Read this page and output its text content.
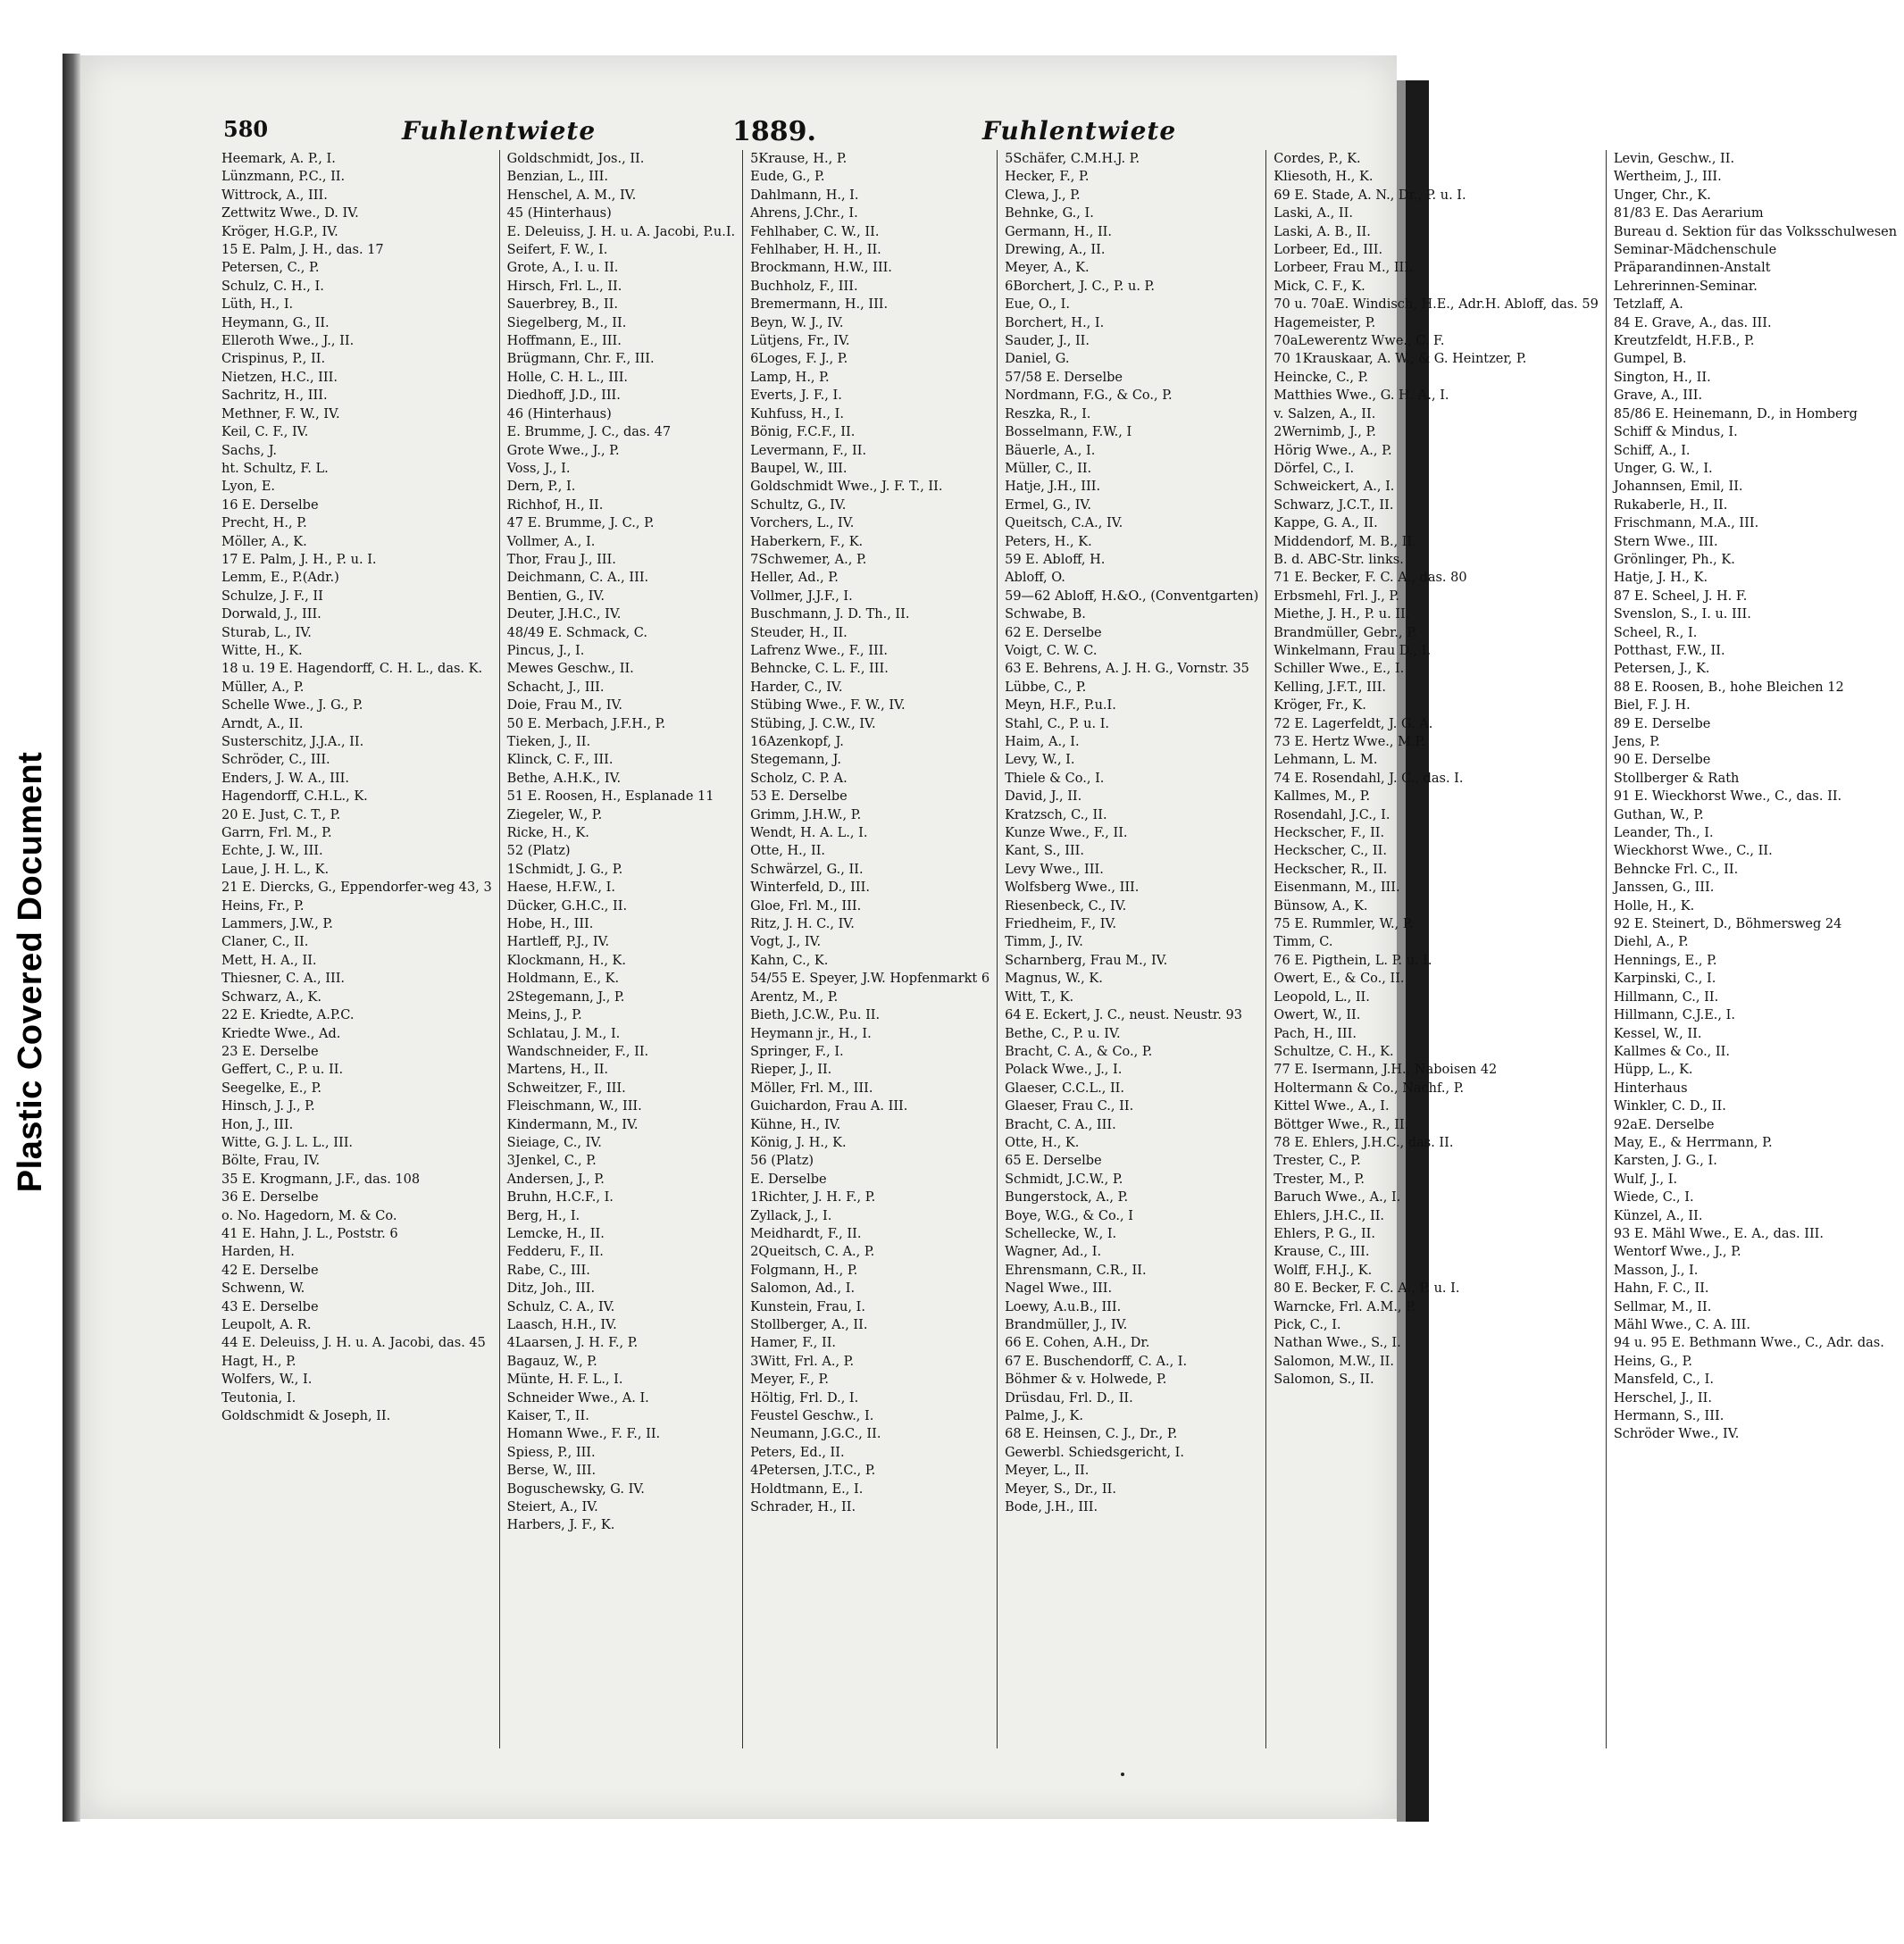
Plastic Covered Document
580	Fuhlentwiete	1889.	Fuhlentwiete
Heemark, A. P., I.
Lünzmann, P.C., II.
Wittrock, A., III.
Zettwitz Wwe., D. IV.
Kröger, H.G.P., IV.
15 E. Palm, J. H., das. 17
Petersen, C., P.
Schulz, C. H., I.
Lüth, H., I.
Heymann, G., II.
Elleroth Wwe., J., II.
Crispinus, P., II.
Nietzen, H.C., III.
Sachritz, H., III.
Methner, F. W., IV.
Keil, C. F., IV.
Sachs, J.
ht. Schultz, F. L.
Lyon, E.
16 E. Derselbe
Precht, H., P.
Möller, A., K.
17 E. Palm, J. H., P. u. I.
Lemm, E., P.(Adr.)
Schulze, J. F., II
Dorwald, J., III.
Sturab, L., IV.
Witte, H., K.
18 u. 19 E. Hagendorff, C. H. L., das. K.
Müller, A., P.
Schelle Wwe., J. G., P.
Arndt, A., II.
Susterschitz, J.J.A., II.
Schröder, C., III.
Enders, J. W. A., III.
Hagendorff, C.H.L., K.
20 E. Just, C. T., P.
Garrn, Frl. M., P.
Echte, J. W., III.
Laue, J. H. L., K.
21 E. Diercks, G., Eppendorfer-weg 43, 3
Heins, Fr., P.
Lammers, J.W., P.
Claner, C., II.
Mett, H. A., II.
Thiesner, C. A., III.
Schwarz, A., K.
22 E. Kriedte, A.P.C.
Kriedte Wwe., Ad.
23 E. Derselbe
Geffert, C., P. u. II.
Seegelke, E., P.
Hinsch, J. J., P.
Hon, J., III.
Witte, G. J. L. L., III.
Bölte, Frau, IV.
35 E. Krogmann, J.F., das. 108
36 E. Derselbe
o. No. Hagedorn, M. & Co.
41 E. Hahn, J. L., Poststr. 6
Harden, H.
42 E. Derselbe
Schwenn, W.
43 E. Derselbe
Leupolt, A. R.
44 E. Deleuiss, J. H. u. A. Jacobi, das. 45
Hagt, H., P.
Wolfers, W., I.
Teutonia, I.
Goldschmidt & Joseph, II.
Goldschmidt, Jos., II.
Benzian, L., III.
Henschel, A. M., IV.
45 (Hinterhaus)
E. Deleuiss, J. H. u. A. Jacobi, P.u.I.
Seifert, F. W., I.
Grote, A., I. u. II.
Hirsch, Frl. L., II.
Sauerbrey, B., II.
Siegelberg, M., II.
Hoffmann, E., III.
Brügmann, Chr. F., III.
Holle, C. H. L., III.
Diedhoff, J.D., III.
46 (Hinterhaus)
E. Brumme, J. C., das. 47
Grote Wwe., J., P.
Voss, J., I.
Dern, P., I.
Richhof, H., II.
47 E. Brumme, J. C., P.
Vollmer, A., I.
Thor, Frau J., III.
Deichmann, C. A., III.
Bentien, G., IV.
Deuter, J.H.C., IV.
48/49 E. Schmack, C.
Pincus, J., I.
Mewes Geschw., II.
Schacht, J., III.
Doie, Frau M., IV.
50 E. Merbach, J.F.H., P.
Tieken, J., II.
Klinck, C. F., III.
Bethe, A.H.K., IV.
51 E. Roosen, H., Esplanade 11
Ziegeler, W., P.
Ricke, H., K.
52 (Platz)
1Schmidt, J. G., P.
Haese, H.F.W., I.
Dücker, G.H.C., II.
Hobe, H., III.
Hartleff, P.J., IV.
Klockmann, H., K.
Holdmann, E., K.
2Stegemann, J., P.
Meins, J., P.
Schlatau, J. M., I.
Wandschneider, F., II.
Martens, H., II.
Schweitzer, F., III.
Fleischmann, W., III.
Kindermann, M., IV.
Sieiage, C., IV.
3Jenkel, C., P.
Andersen, J., P.
Bruhn, H.C.F., I.
Berg, H., I.
Lemcke, H., II.
Fedderu, F., II.
Rabe, C., III.
Ditz, Joh., III.
Schulz, C. A., IV.
Laasch, H.H., IV.
4Laarsen, J. H. F., P.
Bagauz, W., P.
Münte, H. F. L., I.
Schneider Wwe., A. I.
Kaiser, T., II.
Homann Wwe., F. F., II.
Spiess, P., III.
Berse, W., III.
Boguschewsky, G. IV.
Steiert, A., IV.
Harbers, J. F., K.
5Krause, H., P.
Eude, G., P.
Dahlmann, H., I.
Ahrens, J.Chr., I.
Fehlhaber, C. W., II.
Fehlhaber, H. H., II.
Brockmann, H.W., III.
Buchholz, F., III.
Bremermann, H., III.
Beyn, W. J., IV.
Lütjens, Fr., IV.
6Loges, F. J., P.
Lamp, H., P.
Everts, J. F., I.
Kuhfuss, H., I.
Bönig, F.C.F., II.
Levermann, F., II.
Baupel, W., III.
Goldschmidt Wwe., J. F. T., II.
Schultz, G., IV.
Vorchers, L., IV.
Haberkern, F., K.
7Schwemer, A., P.
Heller, Ad., P.
Vollmer, J.J.F., I.
Buschmann, J. D. Th., II.
Steuder, H., II.
Lafrenz Wwe., F., III.
Behncke, C. L. F., III.
Harder, C., IV.
Stübing Wwe., F. W., IV.
Stübing, J. C.W., IV.
16Azenkopf, J.
Stegemann, J.
Scholz, C. P. A.
53 E. Derselbe
Grimm, J.H.W., P.
Wendt, H. A. L., I.
Otte, H., II.
Schwärzel, G., II.
Winterfeld, D., III.
Gloe, Frl. M., III.
Ritz, J. H. C., IV.
Vogt, J., IV.
Kahn, C., K.
54/55 E. Speyer, J.W. Hopfenmarkt 6
Arentz, M., P.
Bieth, J.C.W., P.u. II.
Heymann jr., H., I.
Springer, F., I.
Rieper, J., II.
Möller, Frl. M., III.
Guichardon, Frau A. III.
Kühne, H., IV.
König, J. H., K.
56 (Platz)
E. Derselbe
1Richter, J. H. F., P.
Zyllack, J., I.
Meidhardt, F., II.
2Queitsch, C. A., P.
Folgmann, H., P.
Salomon, Ad., I.
Kunstein, Frau, I.
Stollberger, A., II.
Hamer, F., II.
3Witt, Frl. A., P.
Meyer, F., P.
Höltig, Frl. D., I.
Feustel Geschw., I.
Neumann, J.G.C., II.
Peters, Ed., II.
4Petersen, J.T.C., P.
Holdtmann, E., I.
Schrader, H., II.
5Schäfer, C.M.H.J. P.
Hecker, F., P.
Clewa, J., P.
Behnke, G., I.
Germann, H., II.
Drewing, A., II.
Meyer, A., K.
6Borchert, J. C., P. u. P.
Eue, O., I.
Borchert, H., I.
Sauder, J., II.
Daniel, G.
57/58 E. Derselbe
Nordmann, F.G., & Co., P.
Reszka, R., I.
Bosselmann, F.W., I
Bäuerle, A., I.
Müller, C., II.
Hatje, J.H., III.
Ermel, G., IV.
Queitsch, C.A., IV.
Peters, H., K.
59 E. Abloff, H.
Abloff, O.
59—62 Abloff, H.&O., (Conventgarten)
Schwabe, B.
62 E. Derselbe
Voigt, C. W. C.
63 E. Behrens, A. J. H. G., Vornstr. 35
Lübbe, C., P.
Meyn, H.F., P.u.I.
Stahl, C., P. u. I.
Haim, A., I.
Levy, W., I.
Thiele & Co., I.
David, J., II.
Kratzsch, C., II.
Kunze Wwe., F., II.
Kant, S., III.
Levy Wwe., III.
Wolfsberg Wwe., III.
Riesenbeck, C., IV.
Friedheim, F., IV.
Timm, J., IV.
Scharnberg, Frau M., IV.
Magnus, W., K.
Witt, T., K.
64 E. Eckert, J. C., neust. Neustr. 93
Bethe, C., P. u. IV.
Bracht, C. A., & Co., P.
Polack Wwe., J., I.
Glaeser, C.C.L., II.
Glaeser, Frau C., II.
Bracht, C. A., III.
Otte, H., K.
65 E. Derselbe
Schmidt, J.C.W., P.
Bungerstock, A., P.
Boye, W.G., & Co., I
Schellecke, W., I.
Wagner, Ad., I.
Ehrensmann, C.R., II.
Nagel Wwe., III.
Loewy, A.u.B., III.
Brandmüller, J., IV.
66 E. Cohen, A.H., Dr.
67 E. Buschendorff, C. A., I.
Böhmer & v. Holwede, P.
Drüsdau, Frl. D., II.
Palme, J., K.
68 E. Heinsen, C. J., Dr., P.
Gewerbl. Schiedsgericht, I.
Meyer, L., II.
Meyer, S., Dr., II.
Bode, J.H., III.
Cordes, P., K.
Kliesoth, H., K.
69 E. Stade, A. N., Dr., P. u. I.
Laski, A., II.
Laski, A. B., II.
Lorbeer, Ed., III.
Lorbeer, Frau M., III.
Mick, C. F., K.
70 u. 70aE. Windisch, H.E., Adr.H. Abloff, das. 59
Hagemeister, P.
70aLewerentz Wwe., C. F.
70 1Krauskaar, A. W., & G. Heintzer, P.
Heincke, C., P.
Matthies Wwe., G. H. A., I.
v. Salzen, A., II.
2Wernimb, J., P.
Hörig Wwe., A., P.
Dörfel, C., I.
Schweickert, A., I.
Schwarz, J.C.T., II.
Kappe, G. A., II.
Middendorf, M. B., II.
B. d. ABC-Str. links.
71 E. Becker, F. C. A., das. 80
Erbsmehl, Frl. J., P.
Miethe, J. H., P. u. II.
Brandmüller, Gebr., P.
Winkelmann, Frau D., I.
Schiller Wwe., E., I.
Kelling, J.F.T., III.
Kröger, Fr., K.
72 E. Lagerfeldt, J. G. A.
73 E. Hertz Wwe., M.P.
Lehmann, L. M.
74 E. Rosendahl, J. C., das. I.
Kallmes, M., P.
Rosendahl, J.C., I.
Heckscher, F., II.
Heckscher, C., II.
Heckscher, R., II.
Eisenmann, M., III.
Bünsow, A., K.
75 E. Rummler, W., P.
Timm, C.
76 E. Pigthein, L. P. u. I.
Owert, E., & Co., II.
Leopold, L., II.
Owert, W., II.
Pach, H., III.
Schultze, C. H., K.
77 E. Isermann, J.H., Naboisen 42
Holtermann & Co., Nachf., P.
Kittel Wwe., A., I.
Böttger Wwe., R., II.
78 E. Ehlers, J.H.C., das. II.
Trester, C., P.
Trester, M., P.
Baruch Wwe., A., I.
Ehlers, J.H.C., II.
Ehlers, P. G., II.
Krause, C., III.
Wolff, F.H.J., K.
80 E. Becker, F. C. A., P. u. I.
Warncke, Frl. A.M., P.
Pick, C., I.
Nathan Wwe., S., I.
Salomon, M.W., II.
Salomon, S., II.
Levin, Geschw., II.
Wertheim, J., III.
Unger, Chr., K.
81/83 E. Das Aerarium
Bureau d. Sektion für das Volksschulwesen
Seminar-Mädchenschule
Präparandinnen-Anstalt
Lehrerinnen-Seminar.
Tetzlaff, A.
84 E. Grave, A., das. III.
Kreutzfeldt, H.F.B., P.
Gumpel, B.
Sington, H., II.
Grave, A., III.
85/86 E. Heinemann, D., in Homberg
Schiff & Mindus, I.
Schiff, A., I.
Unger, G. W., I.
Johannsen, Emil, II.
Rukaberle, H., II.
Frischmann, M.A., III.
Stern Wwe., III.
Grönlinger, Ph., K.
Hatje, J. H., K.
87 E. Scheel, J. H. F.
Svenslon, S., I. u. III.
Scheel, R., I.
Potthast, F.W., II.
Petersen, J., K.
88 E. Roosen, B., hohe Bleichen 12
Biel, F. J. H.
89 E. Derselbe
Jens, P.
90 E. Derselbe
Stollberger & Rath
91 E. Wieckhorst Wwe., C., das. II.
Guthan, W., P.
Leander, Th., I.
Wieckhorst Wwe., C., II.
Behncke Frl. C., II.
Janssen, G., III.
Holle, H., K.
92 E. Steinert, D., Böhmersweg 24
Diehl, A., P.
Hennings, E., P.
Karpinski, C., I.
Hillmann, C., II.
Hillmann, C.J.E., I.
Kessel, W., II.
Kallmes & Co., II.
Hüpp, L., K.
Hinterhaus
Winkler, C. D., II.
92aE. Derselbe
May, E., & Herrmann, P.
Karsten, J. G., I.
Wulf, J., I.
Wiede, C., I.
Künzel, A., II.
93 E. Mähl Wwe., E. A., das. III.
Wentorf Wwe., J., P.
Masson, J., I.
Hahn, F. C., II.
Sellmar, M., II.
Mähl Wwe., C. A. III.
94 u. 95 E. Bethmann Wwe., C., Adr. das.
Heins, G., P.
Mansfeld, C., I.
Herschel, J., II.
Hermann, S., III.
Schröder Wwe., IV.
